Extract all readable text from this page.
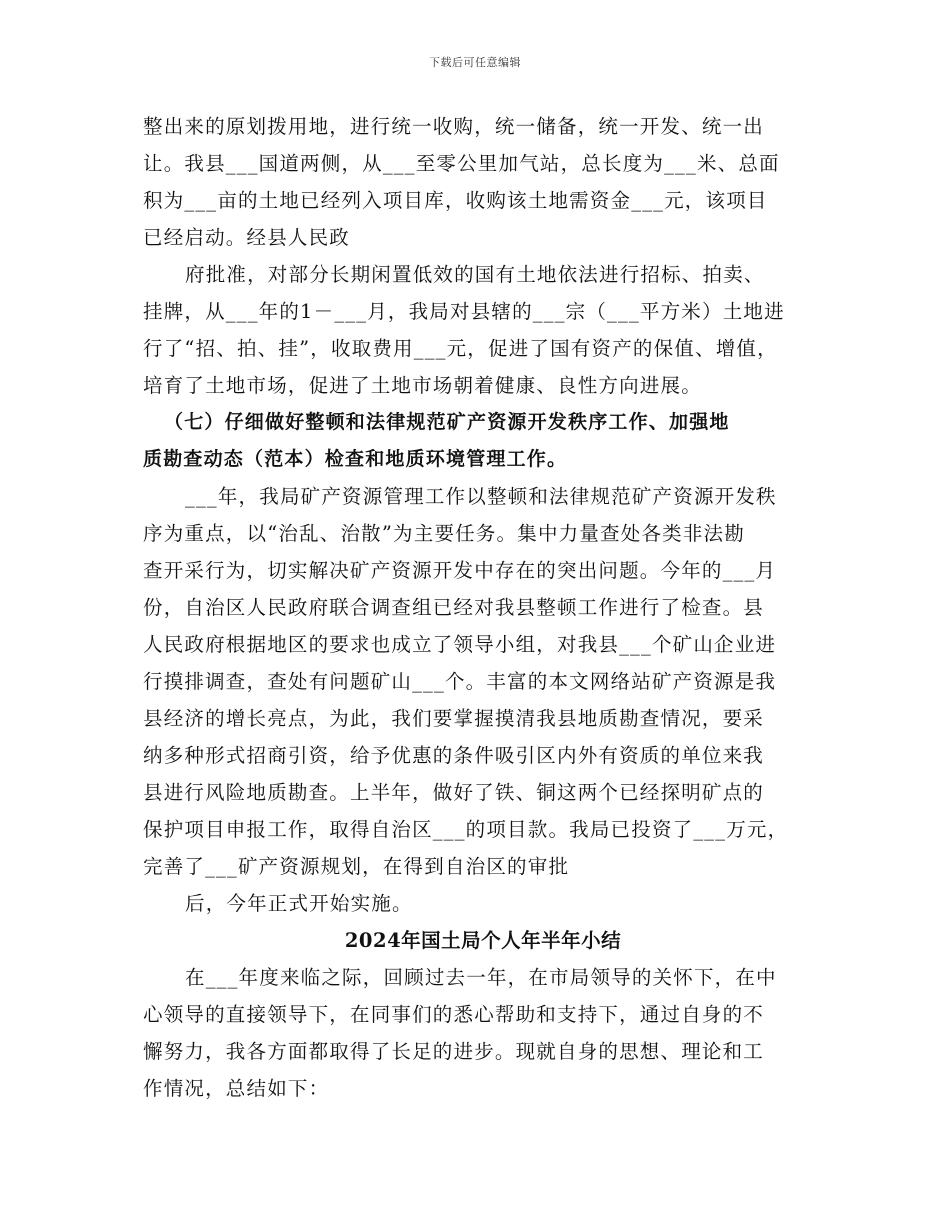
下载后可任意编辑

整出来的原划拨用地，进行统一收购，统一储备，统一开发、统一出
让。我县___国道两侧，从___至零公里加气站，总长度为___米、总面
积为___亩的土地已经列入项目库，收购该土地需资金___元，该项目
已经启动。经县人民政

府批准，对部分长期闲置低效的国有土地依法进行招标、拍卖、
挂牌，从___年的1－___月，我局对县辖的___宗（___平方米）土地进
行了“招、拍、挂”，收取费用___元，促进了国有资产的保值、增值，
培育了土地市场，促进了土地市场朝着健康、良性方向进展。

（七）仔细做好整顿和法律规范矿产资源开发秩序工作、加强地
质勘查动态（范本）检查和地质环境管理工作。

___年，我局矿产资源管理工作以整顿和法律规范矿产资源开发秩
序为重点，以“治乱、治散”为主要任务。集中力量查处各类非法勘
查开采行为，切实解决矿产资源开发中存在的突出问题。今年的___月
份，自治区人民政府联合调查组已经对我县整顿工作进行了检查。县
人民政府根据地区的要求也成立了领导小组，对我县___个矿山企业进
行摸排调查，查处有问题矿山___个。丰富的本文网络站矿产资源是我
县经济的增长亮点，为此，我们要掌握摸清我县地质勘查情况，要采
纳多种形式招商引资，给予优惠的条件吸引区内外有资质的单位来我
县进行风险地质勘查。上半年，做好了铁、铜这两个已经探明矿点的
保护项目申报工作，取得自治区___的项目款。我局已投资了___万元，
完善了___矿产资源规划，在得到自治区的审批

后，今年正式开始实施。

2024年国土局个人年半年小结

在___年度来临之际，回顾过去一年，在市局领导的关怀下，在中
心领导的直接领导下，在同事们的悉心帮助和支持下，通过自身的不
懈努力，我各方面都取得了长足的进步。现就自身的思想、理论和工
作情况，总结如下：
